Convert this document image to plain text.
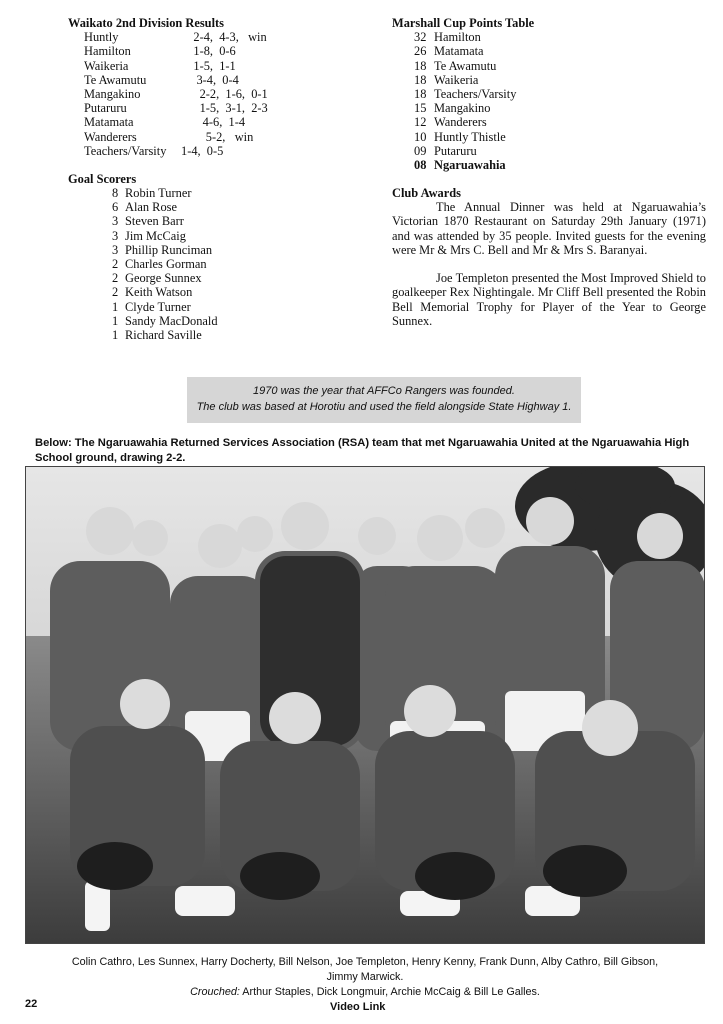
Waikato 2nd Division Results
Huntly	2-4,  4-3,   win
Hamilton	1-8,  0-6
Waikeria	1-5,  1-1
Te Awamutu	3-4,  0-4
Mangakino	2-2,  1-6,  0-1
Putaruru	1-5,  3-1,  2-3
Matamata	4-6,  1-4
Wanderers	5-2,   win
Teachers/Varsity	1-4,  0-5
Goal Scorers
8 Robin Turner
6 Alan Rose
3 Steven Barr
3 Jim McCaig
3 Phillip Runciman
2 Charles Gorman
2 George Sunnex
2 Keith Watson
1 Clyde Turner
1 Sandy MacDonald
1 Richard Saville
Marshall Cup Points Table
32 Hamilton
26 Matamata
18 Te Awamutu
18 Waikeria
18 Teachers/Varsity
15 Mangakino
12 Wanderers
10 Huntly Thistle
09 Putaruru
08 Ngaruawahia
Club Awards

The Annual Dinner was held at Ngaruawahia’s Victorian 1870 Restaurant on Saturday 29th January (1971) and was attended by 35 people. Invited guests for the evening were Mr & Mrs C. Bell and Mr & Mrs S. Baranyai.

Joe Templeton presented the Most Improved Shield to goalkeeper Rex Nightingale. Mr Cliff Bell presented the Robin Bell Memorial Trophy for Player of the Year to George Sunnex.

1970 was the year that AFFCo Rangers was founded.
The club was based at Horotiu and used the field alongside State Highway 1.
Below: The Ngaruawahia Returned Services Association (RSA) team that met Ngaruawahia United at the Ngaruawahia High School ground, drawing 2-2.
Colin Cathro, Les Sunnex, Harry Docherty, Bill Nelson, Joe Templeton, Henry Kenny, Frank Dunn, Alby Cathro, Bill Gibson,
Jimmy Marwick.
Crouched: Arthur Staples, Dick Longmuir, Archie McCaig & Bill Le Galles.
22	Video Link
